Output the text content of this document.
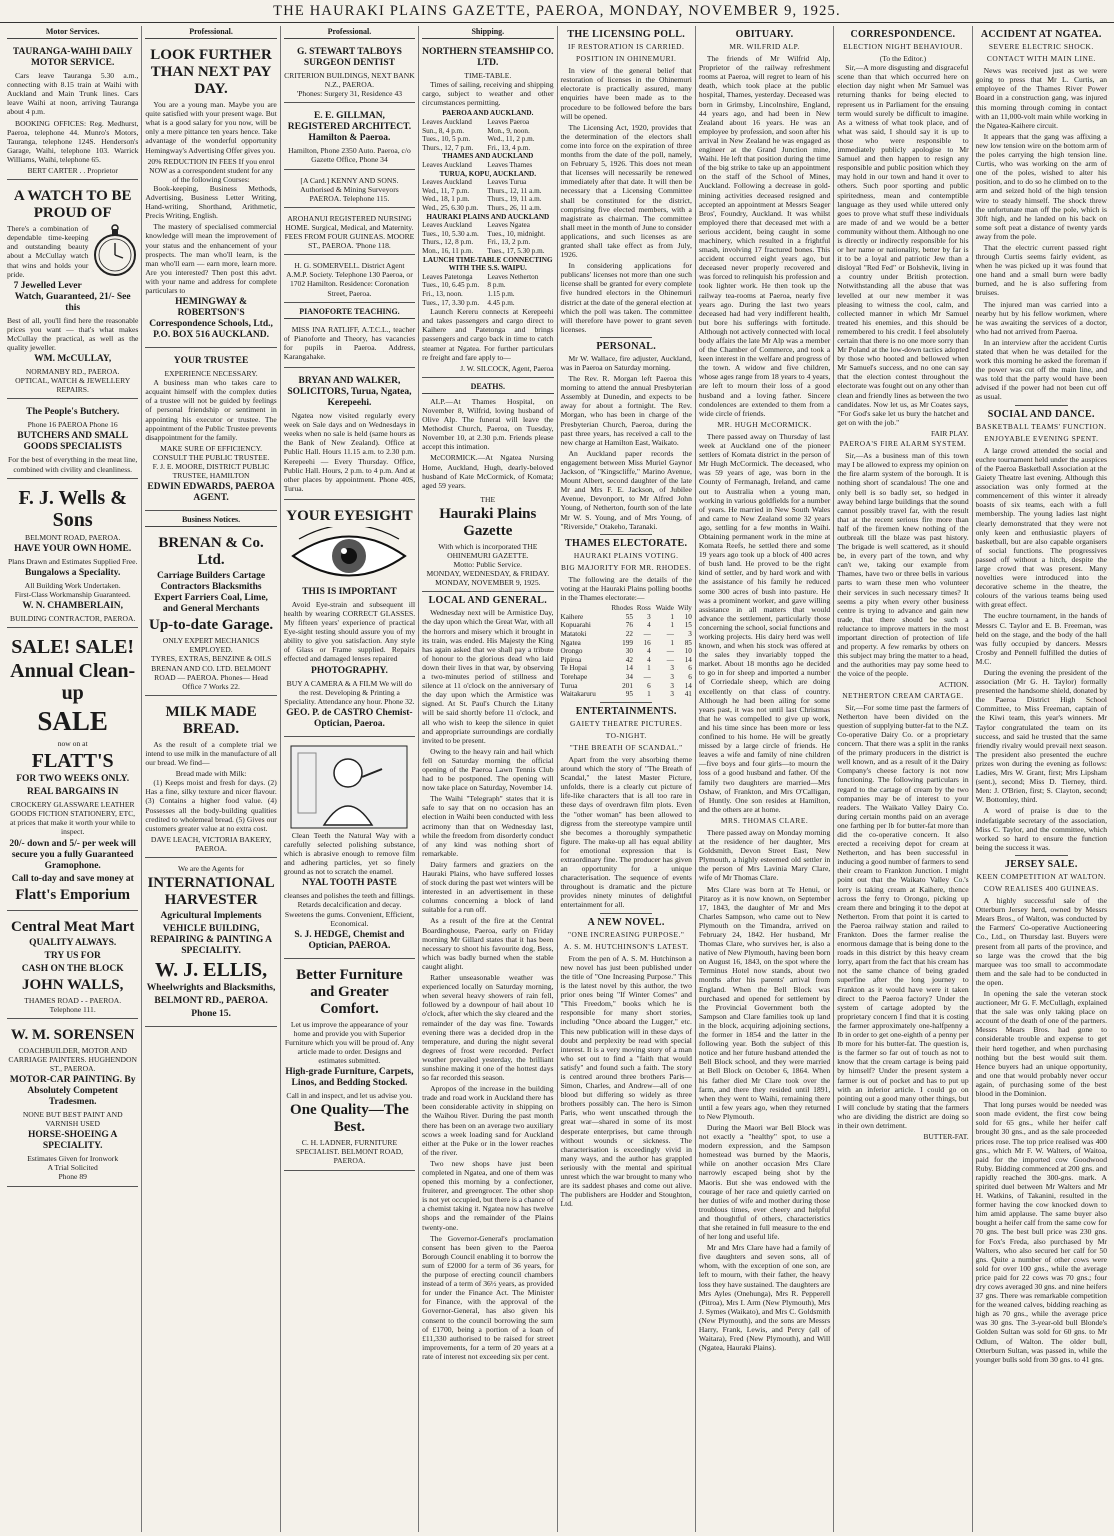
THE HAURAKI PLAINS GAZETTE, PAEROA, MONDAY, NOVEMBER 9, 1925.
Motor Services.
TAURANGA-WAIHI DAILY MOTOR SERVICE.

Cars leave Tauranga 5.30 a.m., connecting with 8.15 train at Waihi with Auckland and Main Trunk lines. Cars leave Waihi at noon, arriving Tauranga about 4 p.m.

BOOKING OFFICES: Reg. Medhurst, Paeroa, telephone 44. Munro's Motors, Tauranga, telephone 124S. Henderson's Garage, Waihi, telephone 103. Warrick Williams, Waihi, telephone 65.

BERT CARTER . . Proprietor
A WATCH TO BE PROUD OF

There's a combination of dependable time-keeping and outstanding beauty about a McCullay watch that wins and holds your pride.

7 Jewelled Lever Watch, Guaranteed, 21/- See this

Best of all, you'll find here the reasonable prices you want — that's what makes McCullay the practical, as well as the quality jeweller.

WM. McCULLAY,
NORMANBY RD., PAEROA.
OPTICAL, WATCH & JEWELLERY REPAIRS.
The People's Butchery.
Phone 16 PAEROA Phone 16
BUTCHERS AND SMALL GOODS SPECIALISTS
For the best of everything in the meat line, combined with civility and cleanliness.
F. J. Wells & Sons
BELMONT ROAD, PAEROA.
HAVE YOUR OWN HOME.
Plans Drawn and Estimates Supplied Free.
Bungalows a Speciality.
All Building Work Undertaken.
First-Class Workmanship Guaranteed.
W. N. CHAMBERLAIN,
BUILDING CONTRACTOR, PAEROA.
SALE! SALE!
Annual Clean-up
SALE
now on at
FLATT'S
FOR TWO WEEKS ONLY.
REAL BARGAINS IN
CROCKERY GLASSWARE LEATHER GOODS FICTION STATIONERY, ETC,
at prices that make it worth your while to inspect.
20/- down and 5/- per week will secure you a fully Guaranteed Gramophone.
Call to-day and save money at
Flatt's Emporium
Central Meat Mart
QUALITY ALWAYS.
TRY US FOR
CASH ON THE BLOCK
JOHN WALLS,
THAMES ROAD - - PAEROA.
Telephone 111.
W. M. SORENSEN
COACHBUILDER, MOTOR AND CARRIAGE PAINTERS. HUGHENDON ST., PAEROA.
MOTOR-CAR PAINTING. By Absolutely Competent Tradesmen.
NONE BUT BEST PAINT AND VARNISH USED
HORSE-SHOEING A SPECIALITY.
Estimates Given for Ironwork
A Trial Solicited
Phone 89
Professional.
LOOK FURTHER THAN NEXT PAY DAY.

You are a young man. Maybe you are quite satisfied with your present wage. But what is a good salary for you now, will be only a mere pittance ten years hence. Take advantage of the wonderful opportunity Hemingway's Advertising Offer gives you.

20% REDUCTION IN FEES If you enrol NOW as a correspondent student for any of the following Courses:

Book-keeping, Business Methods, Advertising, Business Letter Writing, Hand-writing, Shorthand, Arithmetic, Precis Writing, English.

The mastery of specialised commercial knowledge will mean the improvement of your status and the enhancement of your prospects. The man who'll learn, is the man who'll earn — earn more, learn more. Are you interested? Then post this advt. with your name and address for complete particulars to

HEMINGWAY & ROBERTSON'S Correspondence Schools, Ltd., P.O. BOX 516 AUCKLAND.
YOUR TRUSTEE
EXPERIENCE NECESSARY.

A business man who takes care to acquaint himself with the complex duties of a trustee will not be guided by feelings of personal friendship or sentiment in appointing his executor or trustee. The appointment of the Public Trustee prevents disappointment for the family.

MAKE SURE OF EFFICIENCY.
CONSULT THE PUBLIC TRUSTEE.
F. J. E. MOORE, DISTRICT PUBLIC TRUSTEE, HAMILTON
EDWIN EDWARDS, PAEROA AGENT.
Business Notices.
BRENAN & Co. Ltd.
Carriage Builders Cartage Contractors Blacksmiths Expert Farriers Coal, Lime, and General Merchants
Up-to-date Garage.
ONLY EXPERT MECHANICS EMPLOYED.
TYRES, EXTRAS, BENZINE & OILS
BRENAN AND CO. LTD. BELMONT ROAD — PAEROA. Phones— Head Office 7 Works 22.
MILK MADE BREAD.

As the result of a complete trial we intend to use milk in the manufacture of all our bread. We find—

Bread made with Milk:

(1) Keeps moist and fresh for days. (2) Has a fine, silky texture and nicer flavour. (3) Contains a higher food value. (4) Possesses all the body-building qualities credited to wholemeal bread. (5) Gives our customers greater value at no extra cost.

DAVE LEACH, VICTORIA BAKERY, PAEROA.
We are the Agents for
INTERNATIONAL HARVESTER
Agricultural Implements
VEHICLE BUILDING, REPAIRING & PAINTING A SPECIALITY.
W. J. ELLIS,
Wheelwrights and Blacksmiths,
BELMONT RD., PAEROA.
Phone 15.
Professional.
G. STEWART TALBOYS SURGEON DENTIST
CRITERION BUILDINGS, NEXT BANK N.Z., PAEROA.
'Phones: Surgery 31, Residence 43
E. E. GILLMAN, REGISTERED ARCHITECT. Hamilton & Paeroa.
Hamilton, Phone 2350 Auto. Paeroa, c/o Gazette Office, Phone 34
[A Card.] KENNY AND SONS. Authorised & Mining Surveyors PAEROA. Telephone 115.
AROHANUI REGISTERED NURSING HOME. Surgical, Medical, and Maternity. FEES FROM FOUR GUINEAS. MOORE ST., PAEROA. 'Phone 118.
H. G. SOMERVELL. District Agent A.M.P. Society. Telephone 130 Paeroa, or 1702 Hamilton. Residence: Coronation Street, Paeroa.
PIANOFORTE TEACHING.

MISS INA RATLIFF, A.T.C.L., teacher of Pianoforte and Theory, has vacancies for pupils in Paeroa. Address, Karangahake.

BRYAN AND WALKER, SOLICITORS, Turua, Ngatea, Kerepeehi.

Ngatea now visited regularly every week on Sale days and on Wednesdays in weeks when no sale is held (same hours as the Bank of New Zealand). Office at Public Hall. Hours 11.15 a.m. to 2.30 p.m. Kerepeehi — Every Thursday. Office, Public Hall. Hours, 2 p.m. to 4 p.m. And at other places by appointment. Phone 40S, Turua.

YOUR EYESIGHT
THIS IS IMPORTANT

Avoid Eye-strain and subsequent ill health by wearing CORRECT GLASSES. My fifteen years' experience of practical Eye-sight testing should assure you of my ability to give you satisfaction. Any style of Glass or Frame supplied. Repairs effected and damaged lenses repaired

PHOTOGRAPHY.
BUY A CAMERA & A FILM We will do the rest. Developing & Printing a Speciality. Attendance any hour. Phone 32.
GEO. P. de CASTRO Chemist-Optician, Paeroa.

Clean Teeth the Natural Way with a carefully selected polishing substance, which is abrasive enough to remove film and adhering particles, yet so finely ground as not to scratch the enamel.

NYAL TOOTH PASTE
cleanses and polishes the teeth and fillings. Retards decalcification and decay. Sweetens the gums. Convenient, Efficient, Economical.
S. J. HEDGE, Chemist and Optician, PAEROA.
Better Furniture and Greater Comfort.
Let us improve the appearance of your home and provide you with Superior Furniture which you will be proud of. Any article made to order. Designs and estimates submitted.
High-grade Furniture, Carpets, Linos, and Bedding Stocked.
Call in and inspect, and let us advise you.
One Quality—The Best.
C. H. LADNER, FURNITURE SPECIALIST. BELMONT ROAD, PAEROA.
Shipping.
NORTHERN STEAMSHIP CO. LTD.
TIME-TABLE.

Times of sailing, receiving and shipping cargo, subject to weather and other circumstances permitting.

PAEROA AND AUCKLAND.	
Leaves Auckland	Leaves Paeroa
Sun., 8, 4 p.m.	Mon., 9, noon.
Tues., 10, 5 p.m.	Wed., 11, 2 p.m.
Thurs., 12, 7 p.m.	Fri., 13, 4 p.m.
THAMES AND AUCKLAND	
Leaves Auckland	Leaves Thames
TURUA, KOPU, AUCKLAND.	
Leaves Auckland	Leaves Turua
Wed., 11, 7 p.m.	Thurs., 12, 11 a.m.
Wed., 18, 1 p.m.	Thurs., 19, 11 a.m.
Wed., 25, 6.30 p.m.	Thurs., 26, 11 a.m.
HAURAKI PLAINS AND AUCKLAND	
Leaves Auckland	Leaves Ngatea
Tues., 10, 5.30 a.m.	Tues., 10, midnight.
Thurs., 12, 8 p.m.	Fri., 13, 2 p.m.
Mon., 16, 11 p.m.	Tues., 17, 5.30 p.m.
LAUNCH TIME-TABLE CONNECTING WITH THE S.S. WAIPU.	
Leaves Patetonga	Leaves Netherton
Tues., 10, 6.45 p.m.	8 p.m.
Fri., 13, noon.	1.15 p.m.
Tues., 17, 3.30 p.m.	4.45 p.m.

Launch Kereru connects at Kerepeehi and takes passengers and cargo direct to Kaihere and Patetonga and brings passengers and cargo back in time to catch steamer at Ngatea. For further particulars re freight and fare apply to—

J. W. SILCOCK, Agent, Paeroa
DEATHS.

ALP.—At Thames Hospital, on November 8, Wilfrid, loving husband of Olive Alp. The funeral will leave the Methodist Church, Paeroa, on Tuesday, November 10, at 2.30 p.m. Friends please accept this intimation.

McCORMICK.—At Ngatea Nursing Home, Auckland, Hugh, dearly-beloved husband of Kate McCormick, of Komata; aged 59 years.

THE
Hauraki Plains Gazette
With which is incorporated THE OHINEMURI GAZETTE.
Motto: Public Service.
MONDAY, WEDNESDAY, & FRIDAY.
MONDAY, NOVEMBER 9, 1925.
LOCAL AND GENERAL.

Wednesday next will be Armistice Day, the day upon which the Great War, with all the horrors and misery which it brought in its train, was ended. His Majesty the King has again asked that we shall pay a tribute of honour to the glorious dead who laid down their lives in that war, by observing a two-minutes period of stillness and silence at 11 o'clock on the anniversary of the day upon which the Armistice was signed. At St. Paul's Church the Litany will be said shortly before 11 o'clock, and all who wish to keep the silence in quiet and appropriate surroundings are cordially invited to be present.

Owing to the heavy rain and hail which fell on Saturday morning the official opening of the Paeroa Lawn Tennis Club had to be postponed. The opening will now take place on Saturday, November 14.

The Waihi "Telegraph" states that it is safe to say that on no occasion has an election in Waihi been conducted with less acrimony than that on Wednesday last, while the freedom from disorderly conduct of any kind was nothing short of remarkable.

Dairy farmers and graziers on the Hauraki Plains, who have suffered losses of stock during the past wet winters will be interested in an advertisement in these columns concerning a block of land suitable for a run off.

As a result of the fire at the Central Boardinghouse, Paeroa, early on Friday morning Mr Gillard states that it has been necessary to shoot his favourite dog, Bess, which was badly burned when the stable caught alight.

Rather unseasonable weather was experienced locally on Saturday morning, when several heavy showers of rain fell, followed by a downpour of hail about 10 o'clock, after which the sky cleared and the remainder of the day was fine. Towards evening there was a decided drop in the temperature, and during the night several degrees of frost were recorded. Perfect weather prevailed yesterday, the brilliant sunshine making it one of the hottest days so far recorded this season.

Apropos of the increase in the building trade and road work in Auckland there has been considerable activity in shipping on the Waihou River. During the past month there has been on an average two auxiliary scows a week loading sand for Auckland either at the Puke or in the lower reaches of the river.

Two new shops have just been completed in Ngatea, and one of them was opened this morning by a confectioner, fruiterer, and greengrocer. The other shop is not yet occupied, but there is a chance of a chemist taking it. Ngatea now has twelve shops and the remainder of the Plains twenty-one.

The Governor-General's proclamation consent has been given to the Paeroa Borough Council enabling it to borrow the sum of £2000 for a term of 36 years, for the purpose of erecting council chambers instead of a term of 36½ years, as provided for under the Finance Act. The Minister for Finance, with the approval of the Governor-General, has also given his consent to the council borrowing the sum of £1700, being a portion of a loan of £11,330 authorised to be raised for street improvements, for a term of 20 years at a rate of interest not exceeding six per cent.

THE LICENSING POLL.
IF RESTORATION IS CARRIED.
POSITION IN OHINEMURI.

In view of the general belief that restoration of licenses in the Ohinemuri electorate is practically assured, many enquiries have been made as to the procedure to be followed before the bars will be opened.

The Licensing Act, 1920, provides that the determination of the electors shall come into force on the expiration of three months from the date of the poll, namely, on February 5, 1926. This does not mean that licenses will necessarily be renewed immediately after that date. It will then be necessary that a Licensing Committee shall be constituted for the district, comprising five elected members, with a magistrate as chairman. The committee shall meet in the month of June to consider applications, and such licenses as are granted shall take effect as from July, 1926.

In considering applications for publicans' licenses not more than one such license shall be granted for every complete five hundred electors in the Ohinemuri district at the date of the general election at which the poll was taken. The committee will therefore have power to grant seven licenses.

PERSONAL.

Mr W. Wallace, fire adjuster, Auckland, was in Paeroa on Saturday morning.

The Rev. R. Morgan left Paeroa this morning to attend the annual Presbyterian Assembly at Dunedin, and expects to be away for about a fortnight. The Rev. Morgan, who has been in charge of the Presbyterian Church, Paeroa, during the past three years, has received a call to the new charge at Hamilton East, Waikato.

An Auckland paper records the engagement between Miss Muriel Gaynor Jackson, of "Kingscliffe," Marino Avenue, Mount Albert, second daughter of the late Mr and Mrs F. E. Jackson, of Jubilee Avenue, Devonport, to Mr Alfred John Young, of Netherton, fourth son of the late Mr W. S. Young, and of Mrs Young, of "Riverside," Otakeho, Taranaki.

THAMES ELECTORATE.
HAURAKI PLAINS VOTING.
BIG MAJORITY FOR MR. RHODES.

The following are the details of the voting at the Hauraki Plains polling booths in the Thames electorate:—

	Rhodes	Ross	Waide	Wily
Kaihere	55	3	1	10
Kopuarahi	76	4	1	15
Matatoki	22	—	—	3
Ngatea	199	16	1	85
Orongo	30	4	—	10
Pipiroa	42	4	—	14
Te Hopai	14	1	3	6
Torehape	34	—	3	6
Turua	201	6	3	14
Waitakaruru	95	1	3	41
ENTERTAINMENTS.
GAIETY THEATRE PICTURES.
TO-NIGHT.
"THE BREATH OF SCANDAL."

Apart from the very absorbing theme around which the story of "The Breath of Scandal," the latest Master Picture, unfolds, there is a clearly cut picture of life-like characters that is all too rare in these days of overdrawn film plots. Even the "other woman" has been allowed to digress from the stereotype vampire until she becomes a thoroughly sympathetic figure. The make-up all has equal ability for emotional expression that is extraordinary fine. The producer has given an opportunity for a unique characterisation. The sequence of events throughout is dramatic and the picture provides ninety minutes of delightful entertainment for all.

A NEW NOVEL.
"ONE INCREASING PURPOSE."
A. S. M. HUTCHINSON'S LATEST.

From the pen of A. S. M. Hutchinson a new novel has just been published under the title of "One Increasing Purpose." This is the latest novel by this author, the two prior ones being "If Winter Comes" and "This Freedom," books which he is responsible for many short stories, including "Once aboard the Lugger," etc. This new publication will in these days of doubt and perplexity be read with special interest. It is a very moving story of a man who set out to find a "faith that would satisfy" and found such a faith. The story is centred around three brothers Paris—Simon, Charles, and Andrew—all of one blood but differing so widely as three brothers possibly can. The hero is Simon Paris, who went unscathed through the great war—shared in some of its most desperate enterprises, but came through without wounds or sickness. The characterisation is exceedingly vivid in many ways, and the author has grappled seriously with the mental and spiritual unrest which the war brought to many who are its saddest phases and come out alive. The publishers are Hodder and Stoughton, Ltd.

OBITUARY.
MR. WILFRID ALP.

The friends of Mr Wilfrid Alp, Proprietor of the railway refreshment rooms at Paeroa, will regret to learn of his death, which took place at the public hospital, Thames, yesterday. Deceased was born in Grimsby, Lincolnshire, England, 44 years ago, and had been in New Zealand about 16 years. He was an employee by profession, and soon after his arrival in New Zealand he was engaged as engineer at the Grand Junction mine, Waihi. He left that position during the time of the big strike to take up an appointment on the staff of the School of Mines, Auckland. Following a decrease in gold-mining activities deceased resigned and accepted an appointment at Messrs Seager Bros', Foundry, Auckland. It was whilst employed there that deceased met with a serious accident, being caught in some machinery, which resulted in a frightful smash, involving 17 fractured bones. This accident occurred eight years ago, but deceased never properly recovered and was forced to relinquish his profession and took lighter work. He then took up the railway tea-rooms at Paeroa, nearly five years ago. During the last two years deceased had had very indifferent health, but bore his sufferings with fortitude. Although not actively connected with local body affairs the late Mr Alp was a member of the Chamber of Commerce, and took a keen interest in the welfare and progress of the town. A widow and five children, whose ages range from 18 years to 4 years, are left to mourn their loss of a good husband and a loving father. Sincere condolences are extended to them from a wide circle of friends.

MR. HUGH McCORMICK.

There passed away on Thursday of last week at Auckland one of the pioneer settlers of Komata district in the person of Mr Hugh McCormick. The deceased, who was 59 years of age, was born in the County of Fermanagh, Ireland, and came out to Australia when a young man, working in various goldfields for a number of years. He married in New South Wales and came to New Zealand some 32 years ago, settling for a few months in Waihi. Obtaining permanent work in the mine at Komata Reefs, he settled there and some 19 years ago took up a block of 400 acres of bush land. He proved to be the right kind of settler, and by hard work and with the assistance of his family he reduced some 300 acres of bush into pasture. He was a prominent worker, and gave willing assistance in all matters that would advance the settlement, particularly those concerning the school, social functions and working projects. His dairy herd was well known, and when his stock was offered at the sales they invariably topped the market. About 18 months ago he decided to go in for sheep and imported a number of Corriedale sheep, which are doing excellently on that class of country. Although he had been ailing for some years past, it was not until last Christmas that he was compelled to give up work, and his time since has been more or less confined to his home. He will be greatly missed by a large circle of friends. He leaves a wife and family of nine children—five boys and four girls—to mourn the loss of a good husband and father. Of the family two daughters are married—Mrs Oshaw, of Frankton, and Mrs O'Calligan, of Huntly. One son resides at Hamilton, and the others are at home.

MRS. THOMAS CLARE.

There passed away on Monday morning at the residence of her daughter, Mrs Goldsmith, Devon Street East, New Plymouth, a highly esteemed old settler in the person of Mrs Lavinia Mary Clare, wife of Mr Thomas Clare.

Mrs Clare was born at Te Henui, or Pitaroy as it is now known, on September 17, 1843, the daughter of Mr and Mrs Charles Sampson, who came out to New Plymouth on the Timandra, arrived on February 24, 1842. Her husband, Mr Thomas Clare, who survives her, is also a native of New Plymouth, having been born on August 16, 1843, on the spot where the Terminus Hotel now stands, about two months after his parents' arrival from England. When the Bell Block was purchased and opened for settlement by the Provincial Government both the Sampson and Clare families took up land in the block, acquiring adjoining sections, the former in 1854 and the latter in the following year. Both the subject of this notice and her future husband attended the Bell Block school, and they were married at Bell Block on October 6, 1864. When his father died Mr Clare took over the farm, and there they resided until 1891, when they went to Waihi, remaining there until a few years ago, when they returned to New Plymouth.

During the Maori war Bell Block was not exactly a "healthy" spot, to use a modern expression, and the Sampson homestead was burned by the Maoris, while on another occasion Mrs Clare narrowly escaped being shot by the Maoris. But she was endowed with the courage of her race and quietly carried on her duties of wife and mother during those troublous times, ever cheery and helpful and thoughtful of others, characteristics that she retained in full measure to the end of her long and useful life.

Mr and Mrs Clare have had a family of five daughters and seven sons, all of whom, with the exception of one son, are left to mourn, with their father, the heavy loss they have sustained. The daughters are Mrs Ayles (Onehunga), Mrs R. Pepperell (Pitroa), Mrs I. Arm (New Plymouth), Mrs J. Symes (Waikato), and Mrs C. Goldsmith (New Plymouth), and the sons are Messrs Harry, Frank, Lewis, and Percy (all of Waitara), Fred (New Plymouth), and Will (Ngatea, Hauraki Plains).

CORRESPONDENCE.
ELECTION NIGHT BEHAVIOUR.
(To the Editor.)

Sir,—A more disgusting and disgraceful scene than that which occurred here on election day night when Mr Samuel was returning thanks for being elected to represent us in Parliament for the ensuing term would surely be difficult to imagine. As a witness of what took place, and of what was said, I should say it is up to those who were responsible to immediately publicly apologise to Mr Samuel and then happen to resign any responsible and public position which they may hold in our town and hand it over to others. Such poor sporting and public spiritedness, mean and contemptible language as they used while uttered only goes to prove what stuff these individuals are made of and we would be a better community without them. Although no one is directly or indirectly responsible for his or her name or nationality, better by far is it to be a loyal and patriotic Jew than a disloyal "Red Fed" or Bolshevik, living in a country under British protection. Notwithstanding all the abuse that was levelled at our new member it was pleasing to witness the cool, calm, and collected manner in which Mr Samuel treated his enemies, and this should be remembered to his credit. I feel absolutely certain that there is no one more sorry than Mr Poland at the low-down tactics adopted by those who hooted and bellowed when Mr Samuel's success, and no one can say that the election contest throughout the electorate was fought out on any other than clean and friendly lines as between the two candidates. Now let us, as Mr Coates says, "For God's sake let us bury the hatchet and get on with the job."

FAIR PLAY.
PAEROA'S FIRE ALARM SYSTEM.

Sir,—As a business man of this town may I be allowed to express my opinion on the fire alarm system of the borough. It is nothing short of scandalous! The one and only bell is so badly set, so hedged in away behind large buildings that the sound cannot possibly travel far, with the result that at the recent serious fire more than half of the firemen knew nothing of the outbreak till the blaze was past history. The brigade is well scattered, as it should be, in every part of the town, and why can't we, taking our example from Thames, have two or three bells in various parts to warn these men who volunteer their services in such necessary times? It seems a pity when every other business centre is trying to advance and gain new trade, that there should be such a reluctance to improve matters in the most important direction of protection of life and property. A few remarks by others on this subject may bring the matter to a head, and the authorities may pay some heed to the voice of the people.

ACTION.
NETHERTON CREAM CARTAGE.

Sir,—For some time past the farmers of Netherton have been divided on the question of supplying butter-fat to the N.Z. Co-operative Dairy Co. or a proprietary concern. That there was a split in the ranks of the primary producers in the district is well known, and as a result of it the Dairy Company's cheese factory is not now functioning. The following particulars in regard to the cartage of cream by the two companies may be of interest to your readers. The Waikato Valley Dairy Co. during certain months paid on an average one farthing per lb for butter-fat more than did the co-operative concern. It also erected a receiving depot for cream at Netherton, and has been successful in inducing a good number of farmers to send their cream to Frankton Junction. I might point out that the Waikato Valley Co.'s lorry is taking cream at Kaihere, thence across the ferry to Orongo, picking up cream there and bringing it to the depot at Netherton. From that point it is carted to the Paeroa railway station and railed to Frankton. Does the farmer realise the enormous damage that is being done to the roads in this district by this heavy cream lorry, apart from the fact that his cream has not the same chance of being graded superfine after the long journey to Frankton as it would have were it taken direct to the Paeroa factory? Under the system of cartage adopted by the proprietary concern I find that it is costing the farmer approximately one-halfpenny a lb in order to get one-eighth of a penny per lb more for his butter-fat. The question is, is the farmer so far out of touch as not to know that the cream cartage is being paid by himself? Under the present system a farmer is out of pocket and has to put up with an inferior article. I could go on pointing out a good many other things, but I will conclude by stating that the farmers who are dividing the district are doing so in their own detriment.

BUTTER-FAT.
ACCIDENT AT NGATEA.
SEVERE ELECTRIC SHOCK.
CONTACT WITH MAIN LINE.

News was received just as we were going to press that Mr L. Curtis, an employee of the Thames River Power Board in a construction gang, was injured this morning through coming in contact with an 11,000-volt main while working in the Ngatea-Kaihere circuit.

It appears that the gang was affixing a new low tension wire on the bottom arm of the poles carrying the high tension line. Curtis, who was working on the arm of one of the poles, wished to alter his position, and to do so he climbed on to the arm and seized hold of the high tension wire to steady himself. The shock threw the unfortunate man off the pole, which is 30ft high, and he landed on his back on some soft peat a distance of twenty yards away from the pole.

That the electric current passed right through Curtis seems fairly evident, as when he was picked up it was found that one hand and a small burn were badly burned, and he is also suffering from bruises.

The injured man was carried into a nearby hut by his fellow workmen, where he was awaiting the services of a doctor, who had not arrived from Paeroa.

In an interview after the accident Curtis stated that when he was detailed for the work this morning he asked the foreman if the power was cut off the main line, and was told that the party would have been advised if the power had not been cut off as usual.

SOCIAL AND DANCE.
BASKETBALL TEAMS' FUNCTION.
ENJOYABLE EVENING SPENT.

A large crowd attended the social and euchre tournament held under the auspices of the Paeroa Basketball Association at the Gaiety Theatre last evening. Although this association was only formed at the commencement of this winter it already boasts of six teams, each with a full membership. The young ladies last night clearly demonstrated that they were not only keen and enthusiastic players of basketball, but are also capable organisers of social functions. The progressives passed off without a hitch, despite the large crowd that was present. Many novelties were introduced into the decorative scheme in the theatre, the colours of the various teams being used with great effect.

The euchre tournament, in the hands of Messrs C. Taylor and E. B. Freeman, was held on the stage, and the body of the hall was fully occupied by dancers. Messrs Crosby and Pennell fulfilled the duties of M.C.

During the evening the president of the association (Mr G. H. Taylor) formally presented the handsome shield, donated by the Paeroa District High School Committee, to Miss Freeman, captain of the Kiwi team, this year's winners. Mr Taylor congratulated the team on its success, and said he trusted that the same friendly rivalry would prevail next season. The president also presented the euchre prizes won during the evening as follows: Ladies, Mrs W. Grant, first; Mrs Lipsham (sent.), second; Miss D. Tierney, third. Men: J. O'Brien, first; S. Clayton, second; W. Bottomley, third.

A word of praise is due to the indefatigable secretary of the association, Miss C. Taylor, and the committee, which worked so hard to ensure the function being the success it was.

JERSEY SALE.
KEEN COMPETITION AT WALTON.
COW REALISES 400 GUINEAS.

A highly successful sale of the Otterburn Jersey herd, owned by Messrs Mears Bros., of Walton, was conducted by the Farmers' Co-operative Auctioneering Co., Ltd., on Thursday last. Buyers were present from all parts of the province, and so large was the crowd that the big marquee was too small to accommodate them and the sale had to be conducted in the open.

In opening the sale the veteran stock auctioneer, Mr G. F. McCullagh, explained that the sale was only taking place on account of the death of one of the partners. Messrs Mears Bros. had gone to considerable trouble and expense to get their herd together, and when purchasing nothing but the best would suit them. Hence buyers had an unique opportunity, and one that would probably never occur again, of purchasing some of the best blood in the Dominion.

That long purses would be needed was soon made evident, the first cow being sold for 65 gns., while her heifer calf brought 30 gns., and as the sale proceeded prices rose. The top price realised was 400 gns., which Mr F. W. Walters, of Waitoa, paid for the imported cow Goodwood Ruby. Bidding commenced at 200 gns. and rapidly reached the 300-gns. mark. A spirited duel between Mr Walters and Mr H. Watkins, of Takanini, resulted in the former having the cow knocked down to him amid applause. The same buyer also bought a heifer calf from the same cow for 70 gns. The best bull price was 230 gns. for Fox's Freda, also purchased by Mr Walters, who also secured her calf for 50 gns. Quite a number of other cows were sold for over 100 gns., while the average price paid for 22 cows was 70 gns.; four dry cows averaged 30 gns. and nine heifers 37 gns. There was remarkable competition for the weaned calves, bidding reaching as high as 70 gns., while the average price was 30 gns. The 3-year-old bull Blonde's Golden Sultan was sold for 60 gns. to Mr Odlum, of Walton. The older bull, Otterburn Sultan, was passed in, while the younger bulls sold from 30 gns. to 41 gns.
